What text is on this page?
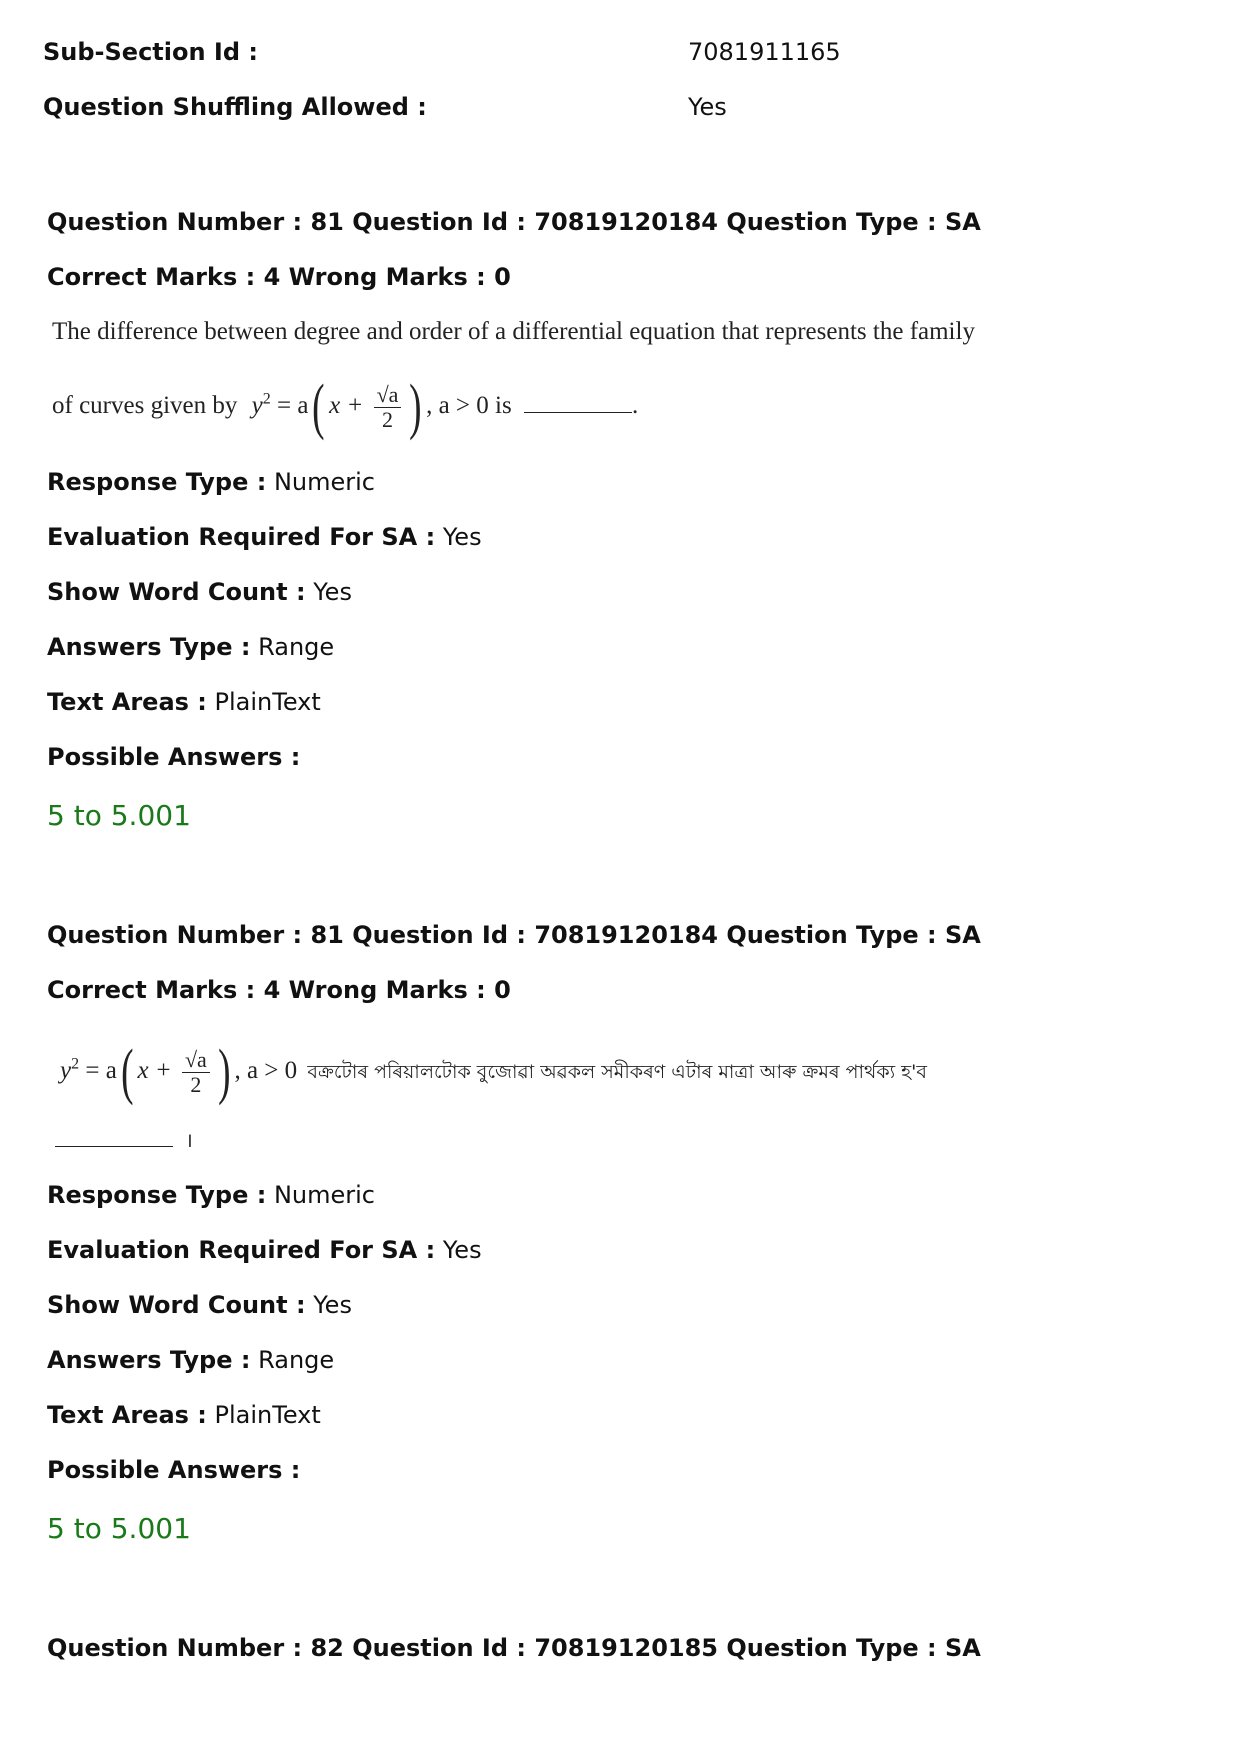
Sub-Section Id :	7081911165
Question Shuffling Allowed :	Yes
Question Number : 81 Question Id : 70819120184 Question Type : SA
Correct Marks : 4 Wrong Marks : 0
The difference between degree and order of a differential equation that represents the family
of curves given by $y^2 = a$( $x + \frac{√a}{2}$ ) , a > 0 is	.
Response Type : Numeric
Evaluation Required For SA : Yes
Show Word Count : Yes
Answers Type : Range
Text Areas : PlainText
Possible Answers :
5 to 5.001
Question Number : 81 Question Id : 70819120184 Question Type : SA
Correct Marks : 4 Wrong Marks : 0
$y^2 = a$( $x + \frac{√a}{2}$ ) , a > 0 বক্ৰটোৰ পৰিয়ালটোক বুজোৱা অৱকল সমীকৰণ এটাৰ মাত্ৰা আৰু ক্ৰমৰ পাৰ্থক্য হ'ব
।
Response Type : Numeric
Evaluation Required For SA : Yes
Show Word Count : Yes
Answers Type : Range
Text Areas : PlainText
Possible Answers :
5 to 5.001
Question Number : 82 Question Id : 70819120185 Question Type : SA
